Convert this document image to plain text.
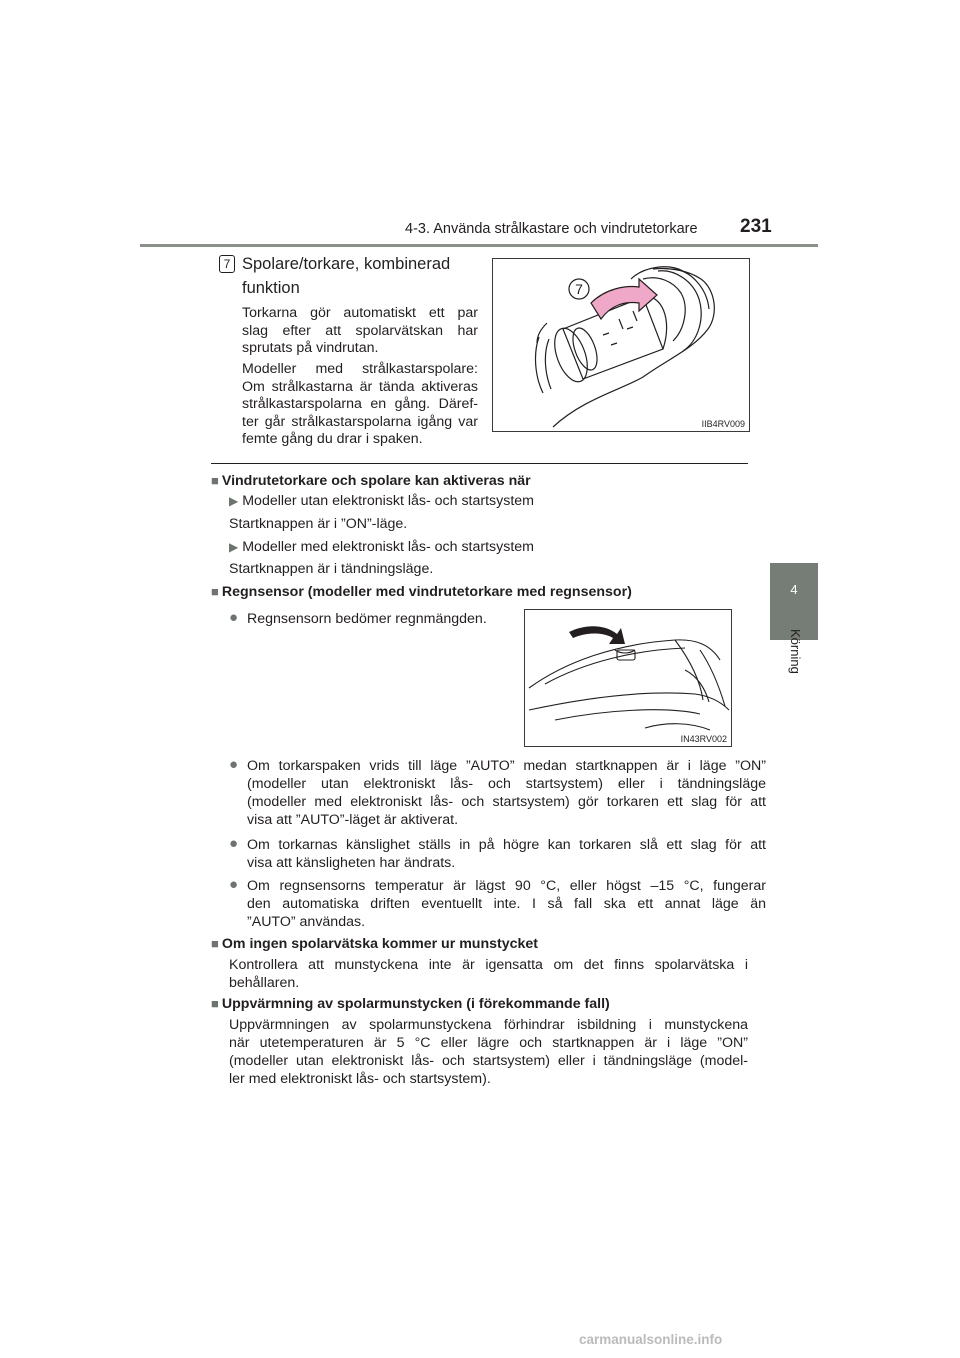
4-3. Använda strålkastare och vindrutetorkare 231
4
Körning
7 Spolare/torkare, kombinerad
funktion
Torkarna gör automatiskt ett par
slag efter att spolarvätskan har
sprutats på vindrutan.
Modeller med strålkastarspolare:
Om strålkastarna är tända aktiveras
strålkastarspolarna en gång. Däref-
ter går strålkastarspolarna igång var
femte gång du drar i spaken.
7
IIB4RV009
■ Vindrutetorkare och spolare kan aktiveras när
▶ Modeller utan elektroniskt lås- och startsystem
Startknappen är i ”ON”-läge.
▶ Modeller med elektroniskt lås- och startsystem
Startknappen är i tändningsläge.
■ Regnsensor (modeller med vindrutetorkare med regnsensor)
● Regnsensorn bedömer regnmängden.
IN43RV002
● Om torkarspaken vrids till läge ”AUTO” medan startknappen är i läge ”ON”
(modeller utan elektroniskt lås- och startsystem) eller i tändningsläge
(modeller med elektroniskt lås- och startsystem) gör torkaren ett slag för att
visa att ”AUTO”-läget är aktiverat.
● Om torkarnas känslighet ställs in på högre kan torkaren slå ett slag för att
visa att känsligheten har ändrats.
● Om regnsensorns temperatur är lägst 90 °C, eller högst –15 °C, fungerar
den automatiska driften eventuellt inte. I så fall ska ett annat läge än
”AUTO” användas.
■ Om ingen spolarvätska kommer ur munstycket
Kontrollera att munstyckena inte är igensatta om det finns spolarvätska i
behållaren.
■ Uppvärmning av spolarmunstycken (i förekommande fall)
Uppvärmningen av spolarmunstyckena förhindrar isbildning i munstyckena
när utetemperaturen är 5 °C eller lägre och startknappen är i läge ”ON”
(modeller utan elektroniskt lås- och startsystem) eller i tändningsläge (model-
ler med elektroniskt lås- och startsystem).
carmanualsonline.info
